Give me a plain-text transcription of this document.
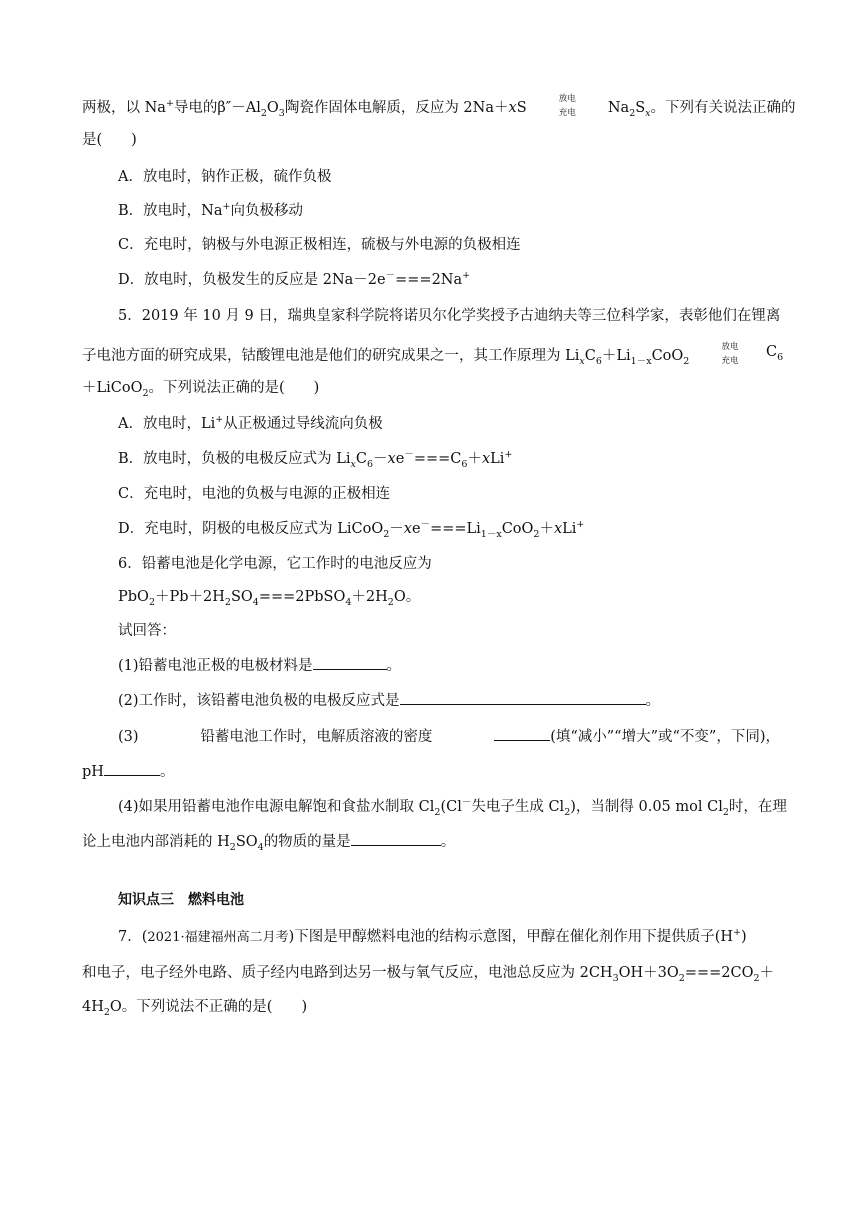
两极，以 Na+导电的$\beta''-Al_2O_3$陶瓷作固体电解质，反应为 2Na＋xS
放电
充电	$Na_2S_x$。下列有关说法正确的
是(　　)
A．放电时，钠作正极，硫作负极
B．放电时，Na+向负极移动
C．充电时，钠极与外电源正极相连，硫极与外电源的负极相连
D．放电时，负极发生的反应是 2Na－2e－===2Na+
5．2019 年 10 月 9 日，瑞典皇家科学院将诺贝尔化学奖授予古迪纳夫等三位科学家，表彰他们在锂离
子电池方面的研究成果，钴酸锂电池是他们的研究成果之一，其工作原理为 $Li_xC_6+Li_{1-x}CoO_2$
放电
充电
$C_6$
＋LiCoO$_2$。下列说法正确的是(　　)
A．放电时，Li+从正极通过导线流向负极
B．放电时，负极的电极反应式为 $Li_xC_6-xe^-===C_6+xLi^+$
C．充电时，电池的负极与电源的正极相连
D．充电时，阴极的电极反应式为 $LiCoO_2-xe^-===Li_{1-x}CoO_2+xLi^+$
6．铅蓄电池是化学电源，它工作时的电池反应为
$PbO_2+Pb+2H_2SO_4===2PbSO_4+2H_2O$。
试回答：
(1)铅蓄电池正极的电极材料是	。
(2)工作时，该铅蓄电池负极的电极反应式是	。
(3)	铅蓄电池工作时，电解质溶液的密度	(填“减小”“增大”或“不变”，下同)，
pH	。
(4)如果用铅蓄电池作电源电解饱和食盐水制取 $Cl_2(Cl^-$失电子生成 $Cl_2$)，当制得 0.05 mol $Cl_2$时，在理
论上电池内部消耗的 $H_2SO_4$的物质的量是	。
知识点三　燃料电池
7．(2021·福建福州高二月考)下图是甲醇燃料电池的结构示意图，甲醇在催化剂作用下提供质子(H+)
和电子，电子经外电路、质子经内电路到达另一极与氧气反应，电池总反应为 $2CH_3OH+3O_2===2CO_2+$
$4H_2O$。下列说法不正确的是(　　)
